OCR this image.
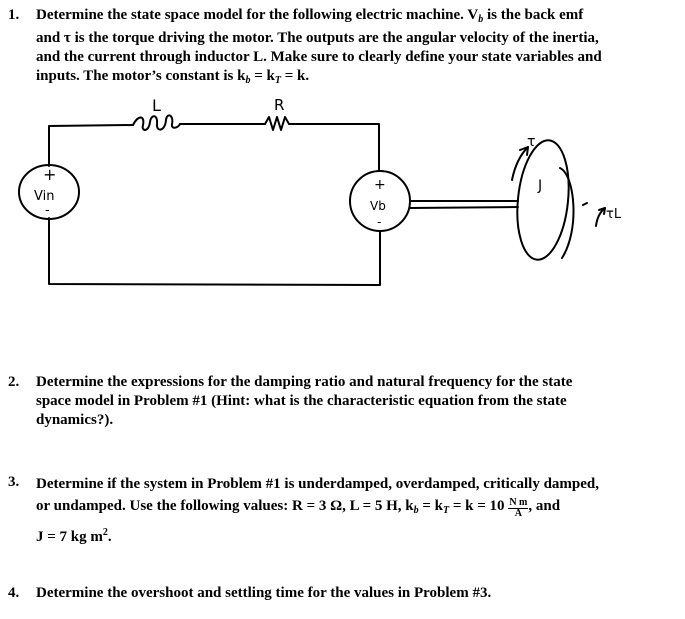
1. Determine the state space model for the following electric machine. $V_b$ is the back emf
and τ is the torque driving the motor. The outputs are the angular velocity of the inertia,
and the current through inductor L. Make sure to clearly define your state variables and
inputs. The motor’s constant is $k_b = k_T = k$.
L	R
+
Vin
-
+
Vb
-
τ
J
τL
2. Determine the expressions for the damping ratio and natural frequency for the state
space model in Problem #1 (Hint: what is the characteristic equation from the state
dynamics?).
3. Determine if the system in Problem #1 is underdamped, overdamped, critically damped,
or undamped. Use the following values: R = 3 Ω, L = 5 H, $k_b = k_T = k = 10 \frac{\text{N m}}{A}$ , and
J = 7 kg $m^2$.
4. Determine the overshoot and settling time for the values in Problem #3.
